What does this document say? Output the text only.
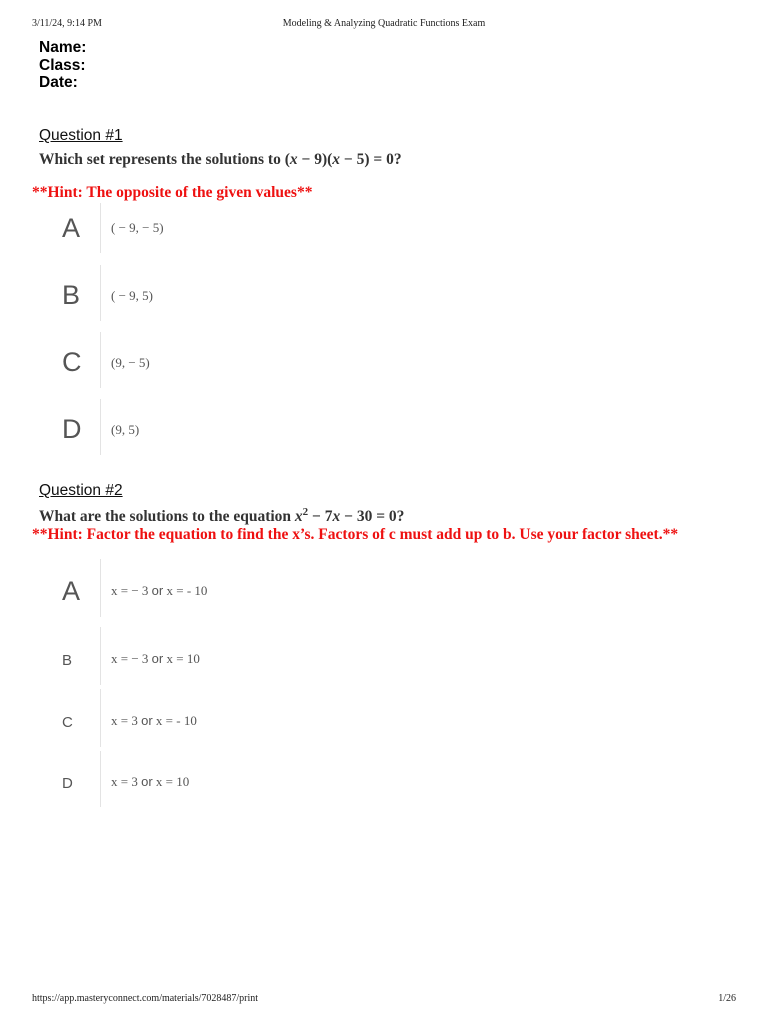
3/11/24, 9:14 PM	Modeling & Analyzing Quadratic Functions Exam
Name:
Class:
Date:
Question #1
Which set represents the solutions to (x − 9)(x − 5) = 0?
**Hint: The opposite of the given values**
A ( − 9, − 5)
B ( − 9, 5)
C (9, − 5)
D (9, 5)
Question #2
What are the solutions to the equation $x^2 - 7x - 30 = 0$?
**Hint: Factor the equation to find the x’s. Factors of c must add up to b. Use your factor sheet.**
A x = − 3 or x = - 10
B	x = − 3 or x = 10
C	x = 3 or x = - 10
D	x = 3 or x = 10
https://app.masteryconnect.com/materials/7028487/print	1/26
